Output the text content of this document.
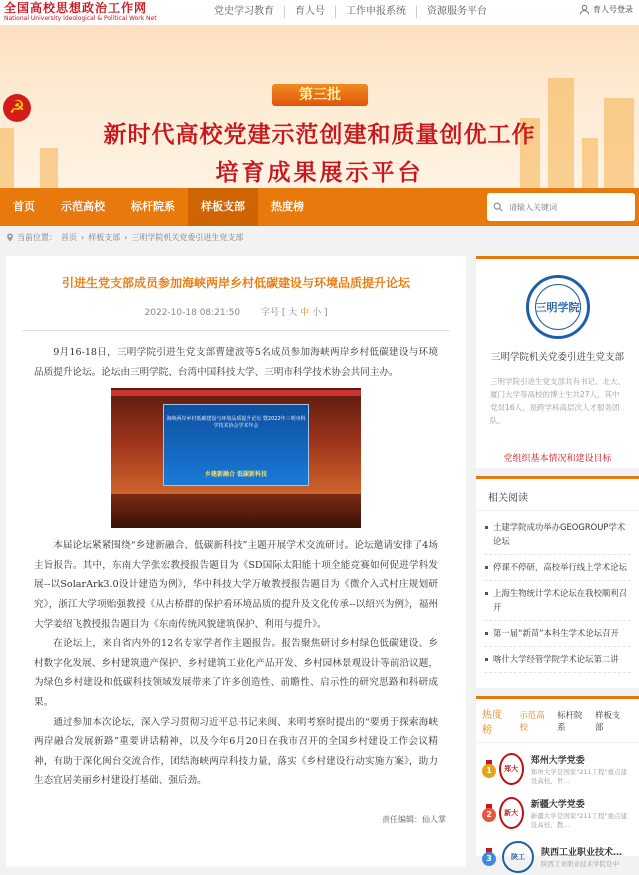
全国高校思想政治工作网
National University Ideological & Political Work Net
党史学习教育	育人号	工作申报系统	资源服务平台	育人号登录
☭
第三批
新时代高校党建示范创建和质量创优工作
培育成果展示平台
首页	示范高校	标杆院系	样板支部	热度榜
请输入关键词
当前位置： 首页 › 样板支部 › 三明学院机关党委引进生党支部
引进生党支部成员参加海峡两岸乡村低碳建设与环境品质提升论坛
2022-10-18 08:21:50 字号 [ 大 中 小 ]

9月16-18日，三明学院引进生党支部曹建波等5名成员参加海峡两岸乡村低碳建设与环境品质提升论坛。论坛由三明学院、台湾中国科技大学、三明市科学技术协会共同主办。

海峡两岸乡村低碳建设与环境品质提升论坛 暨2022年三明市科学技术协会学术年会
乡建新融合 低碳新科技

本届论坛紧紧围绕“乡建新融合、低碳新科技”主题开展学术交流研讨。论坛邀请安排了4场主旨报告。其中，东南大学张宏教授报告题目为《SD国际太阳能十项全能竞赛如何促进学科发展--以SolarArk3.0设计建造为例》，华中科技大学万敏教授报告题目为《微介入式村庄规划研究》，浙江大学项贻强教授《从古桥群的保护看环境品质的提升及文化传承--以绍兴为例》，福州大学姜绍飞教授报告题目为《东南传统风貌建筑保护、利用与提升》。

在论坛上，来自省内外的12名专家学者作主题报告。报告聚焦研讨乡村绿色低碳建设、乡村数字化发展、乡村建筑遗产保护、乡村建筑工业化产品开发、乡村园林景观设计等前沿议题，为绿色乡村建设和低碳科技领域发展带来了许多创造性、前瞻性、启示性的研究思路和科研成果。

通过参加本次论坛，深入学习贯彻习近平总书记来闽、来明考察时提出的“要勇于探索海峡两岸融合发展新路”重要讲话精神，以及今年6月20日在我市召开的全国乡村建设工作会议精神，有助于深化闽台交流合作，团结海峡两岸科技力量，落实《乡村建设行动实施方案》，助力生态宜居美丽乡村建设打基础、强后劲。

责任编辑：仙人掌
三明学院
三明学院机关党委引进生党支部
三明学院引进生党支部共有书记、北大、厦门大学等高校的博士生共27人，其中党员16人，是跨学科高层次人才服务团队。
党组织基本情况和建设目标
相关阅读
土建学院成功举办GEOGROUP学术论坛
停课不停研，高校举行线上学术论坛
上海生物统计学术论坛在我校顺利召开
第一届“新苗”本科生学术论坛召开
喀什大学经管学院学术论坛第二讲
热度榜
示范高校
标杆院系
样板支部
1	郑大
郑州大学党委
郑州大学是国家"211工程"重点建设高校、世…
2	新大
新疆大学党委
新疆大学是国家"211工程"重点建设高校、教…
3	陕工	陕西工业职业技术…
陕西工业职业技术学院是中
